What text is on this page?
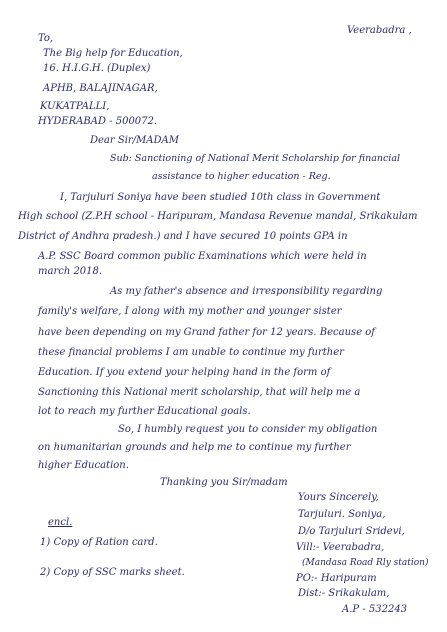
Veerabadra ,
To,
The Big help for Education,
16. H.I.G.H. (Duplex)
APHB, BALAJINAGAR,
KUKATPALLI,
HYDERABAD - 500072.
Dear Sir/MADAM
Sub: Sanctioning of National Merit Scholarship for financial
assistance to higher education - Reg.
I, Tarjuluri Soniya have been studied 10th class in Government
High school (Z.P.H school - Haripuram, Mandasa Revenue mandal, Srikakulam
District of Andhra pradesh.) and I have secured 10 points GPA in
A.P. SSC Board common public Examinations which were held in
march 2018.
As my father's absence and irresponsibility regarding
family's welfare, I along with my mother and younger sister
have been depending on my Grand father for 12 years. Because of
these financial problems I am unable to continue my further
Education. If you extend your helping hand in the form of
Sanctioning this National merit scholarship, that will help me a
lot to reach my further Educational goals.
So, I humbly request you to consider my obligation
on humanitarian grounds and help me to continue my further
higher Education.
Thanking you Sir/madam
Yours Sincerely,
Tarjuluri. Soniya,
D/o Tarjuluri Sridevi,
Vill:- Veerabadra,
(Mandasa Road Rly station)
PO:- Haripuram
Dist:- Srikakulam,
A.P - 532243
encl.
1) Copy of Ration card.
2) Copy of SSC marks sheet.
